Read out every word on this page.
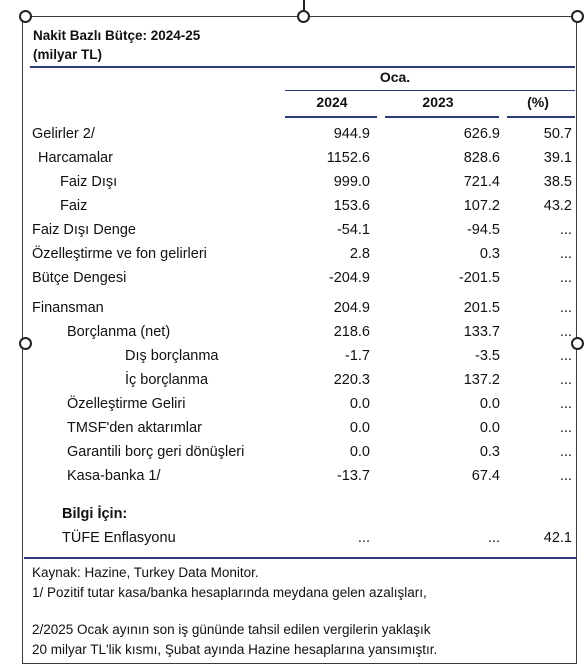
Nakit Bazlı Bütçe: 2024-25
(milyar TL)
Oca.
2024	2023	(%)
Gelirler 2/	944.9	626.9	50.7
Harcamalar	1152.6	828.6	39.1
Faiz Dışı	999.0	721.4	38.5
Faiz	153.6	107.2	43.2
Faiz Dışı Denge	-54.1	-94.5	...
Özelleştirme ve fon gelirleri	2.8	0.3	...
Bütçe Dengesi	-204.9	-201.5	...
Finansman	204.9	201.5	...
Borçlanma (net)	218.6	133.7	...
Dış borçlanma	-1.7	-3.5	...
İç borçlanma	220.3	137.2	...
Özelleştirme Geliri	0.0	0.0	...
TMSF'den aktarımlar	0.0	0.0	...
Garantili borç geri dönüşleri	0.0	0.3	...
Kasa-banka 1/	-13.7	67.4	...
Bilgi İçin:
TÜFE Enflasyonu	...	...	42.1
Kaynak: Hazine, Turkey Data Monitor.
1/ Pozitif tutar kasa/banka hesaplarında meydana gelen azalışları,
2/2025 Ocak ayının son iş gününde tahsil edilen vergilerin yaklaşık
20 milyar TL'lik kısmı, Şubat ayında Hazine hesaplarına yansımıştır.
